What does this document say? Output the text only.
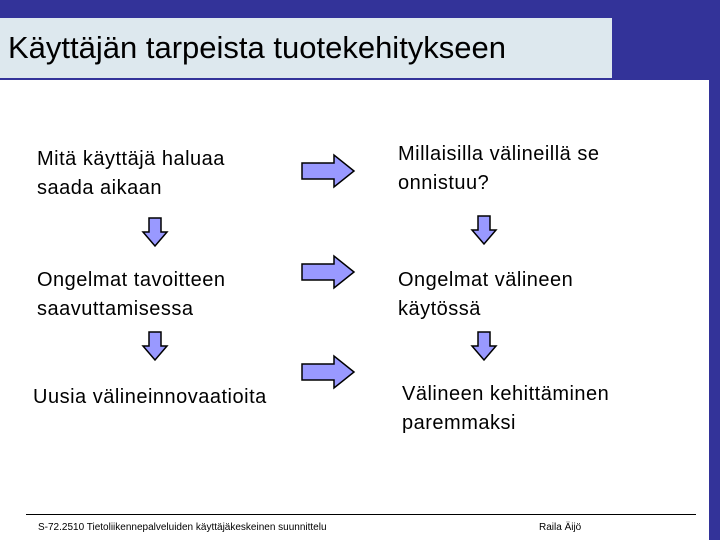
Käyttäjän tarpeista tuotekehitykseen
Mitä käyttäjä haluaa
saada aikaan
Ongelmat tavoitteen
saavuttamisessa
Uusia välineinnovaatioita
Millaisilla välineillä se
onnistuu?
Ongelmat välineen
käytössä
Välineen kehittäminen
paremmaksi
S-72.2510 Tietoliikennepalveluiden käyttäjäkeskeinen suunnittelu	Raila Äijö
